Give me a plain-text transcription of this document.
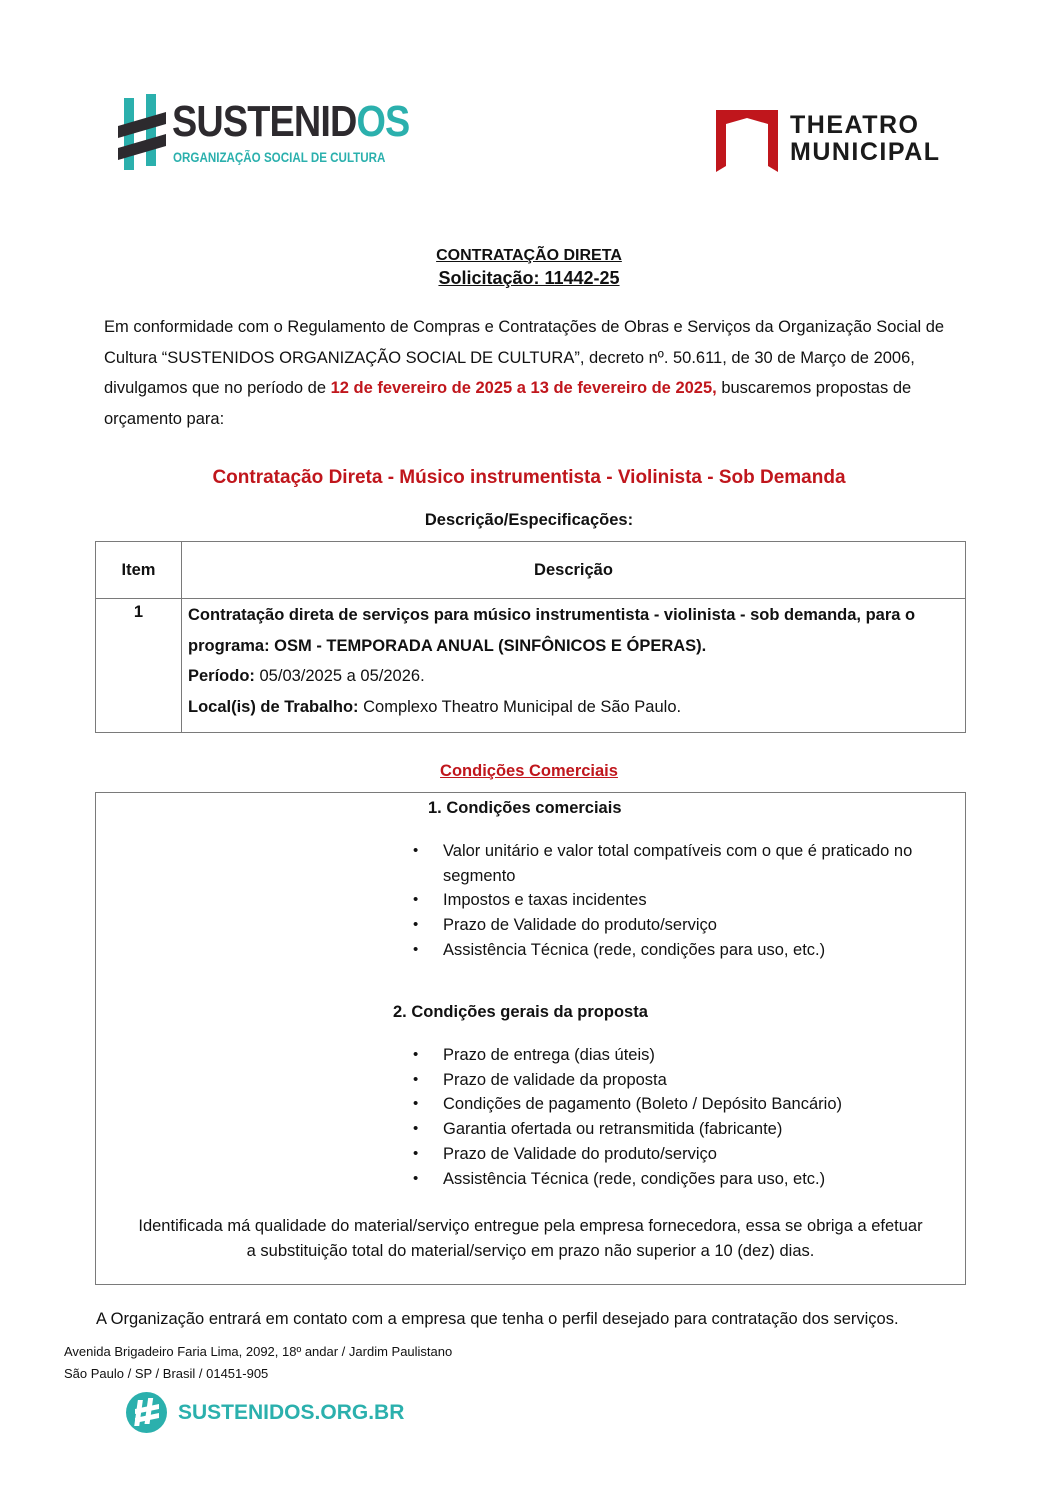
SUSTENIDOS
ORGANIZAÇÃO SOCIAL DE CULTURA
THEATRO
MUNICIPAL
CONTRATAÇÃO DIRETA
Solicitação: 11442-25
Em conformidade com o Regulamento de Compras e Contratações de Obras e Serviços da Organização Social de Cultura “SUSTENIDOS ORGANIZAÇÃO SOCIAL DE CULTURA”, decreto nº. 50.611, de 30 de Março de 2006, divulgamos que no período de 12 de fevereiro de 2025 a 13 de fevereiro de 2025, buscaremos propostas de orçamento para:
Contratação Direta - Músico instrumentista - Violinista - Sob Demanda
Descrição/Especificações:
Item	Descrição
1	Contratação direta de serviços para músico instrumentista - violinista - sob demanda, para o programa: OSM - TEMPORADA ANUAL (SINFÔNICOS E ÓPERAS).
Período: 05/03/2025 a 05/2026.
Local(is) de Trabalho: Complexo Theatro Municipal de São Paulo.
Condições Comerciais
1. Condições comerciais
• Valor unitário e valor total compatíveis com o que é praticado no segmento
• Impostos e taxas incidentes
• Prazo de Validade do produto/serviço
• Assistência Técnica (rede, condições para uso, etc.)
2. Condições gerais da proposta
• Prazo de entrega (dias úteis)
• Prazo de validade da proposta
• Condições de pagamento (Boleto / Depósito Bancário)
• Garantia ofertada ou retransmitida (fabricante)
• Prazo de Validade do produto/serviço
• Assistência Técnica (rede, condições para uso, etc.)
Identificada má qualidade do material/serviço entregue pela empresa fornecedora, essa se obriga a efetuar
a substituição total do material/serviço em prazo não superior a 10 (dez) dias.
A Organização entrará em contato com a empresa que tenha o perfil desejado para contratação dos serviços.
Avenida Brigadeiro Faria Lima, 2092, 18º andar / Jardim Paulistano
São Paulo / SP / Brasil / 01451-905
SUSTENIDOS.ORG.BR
